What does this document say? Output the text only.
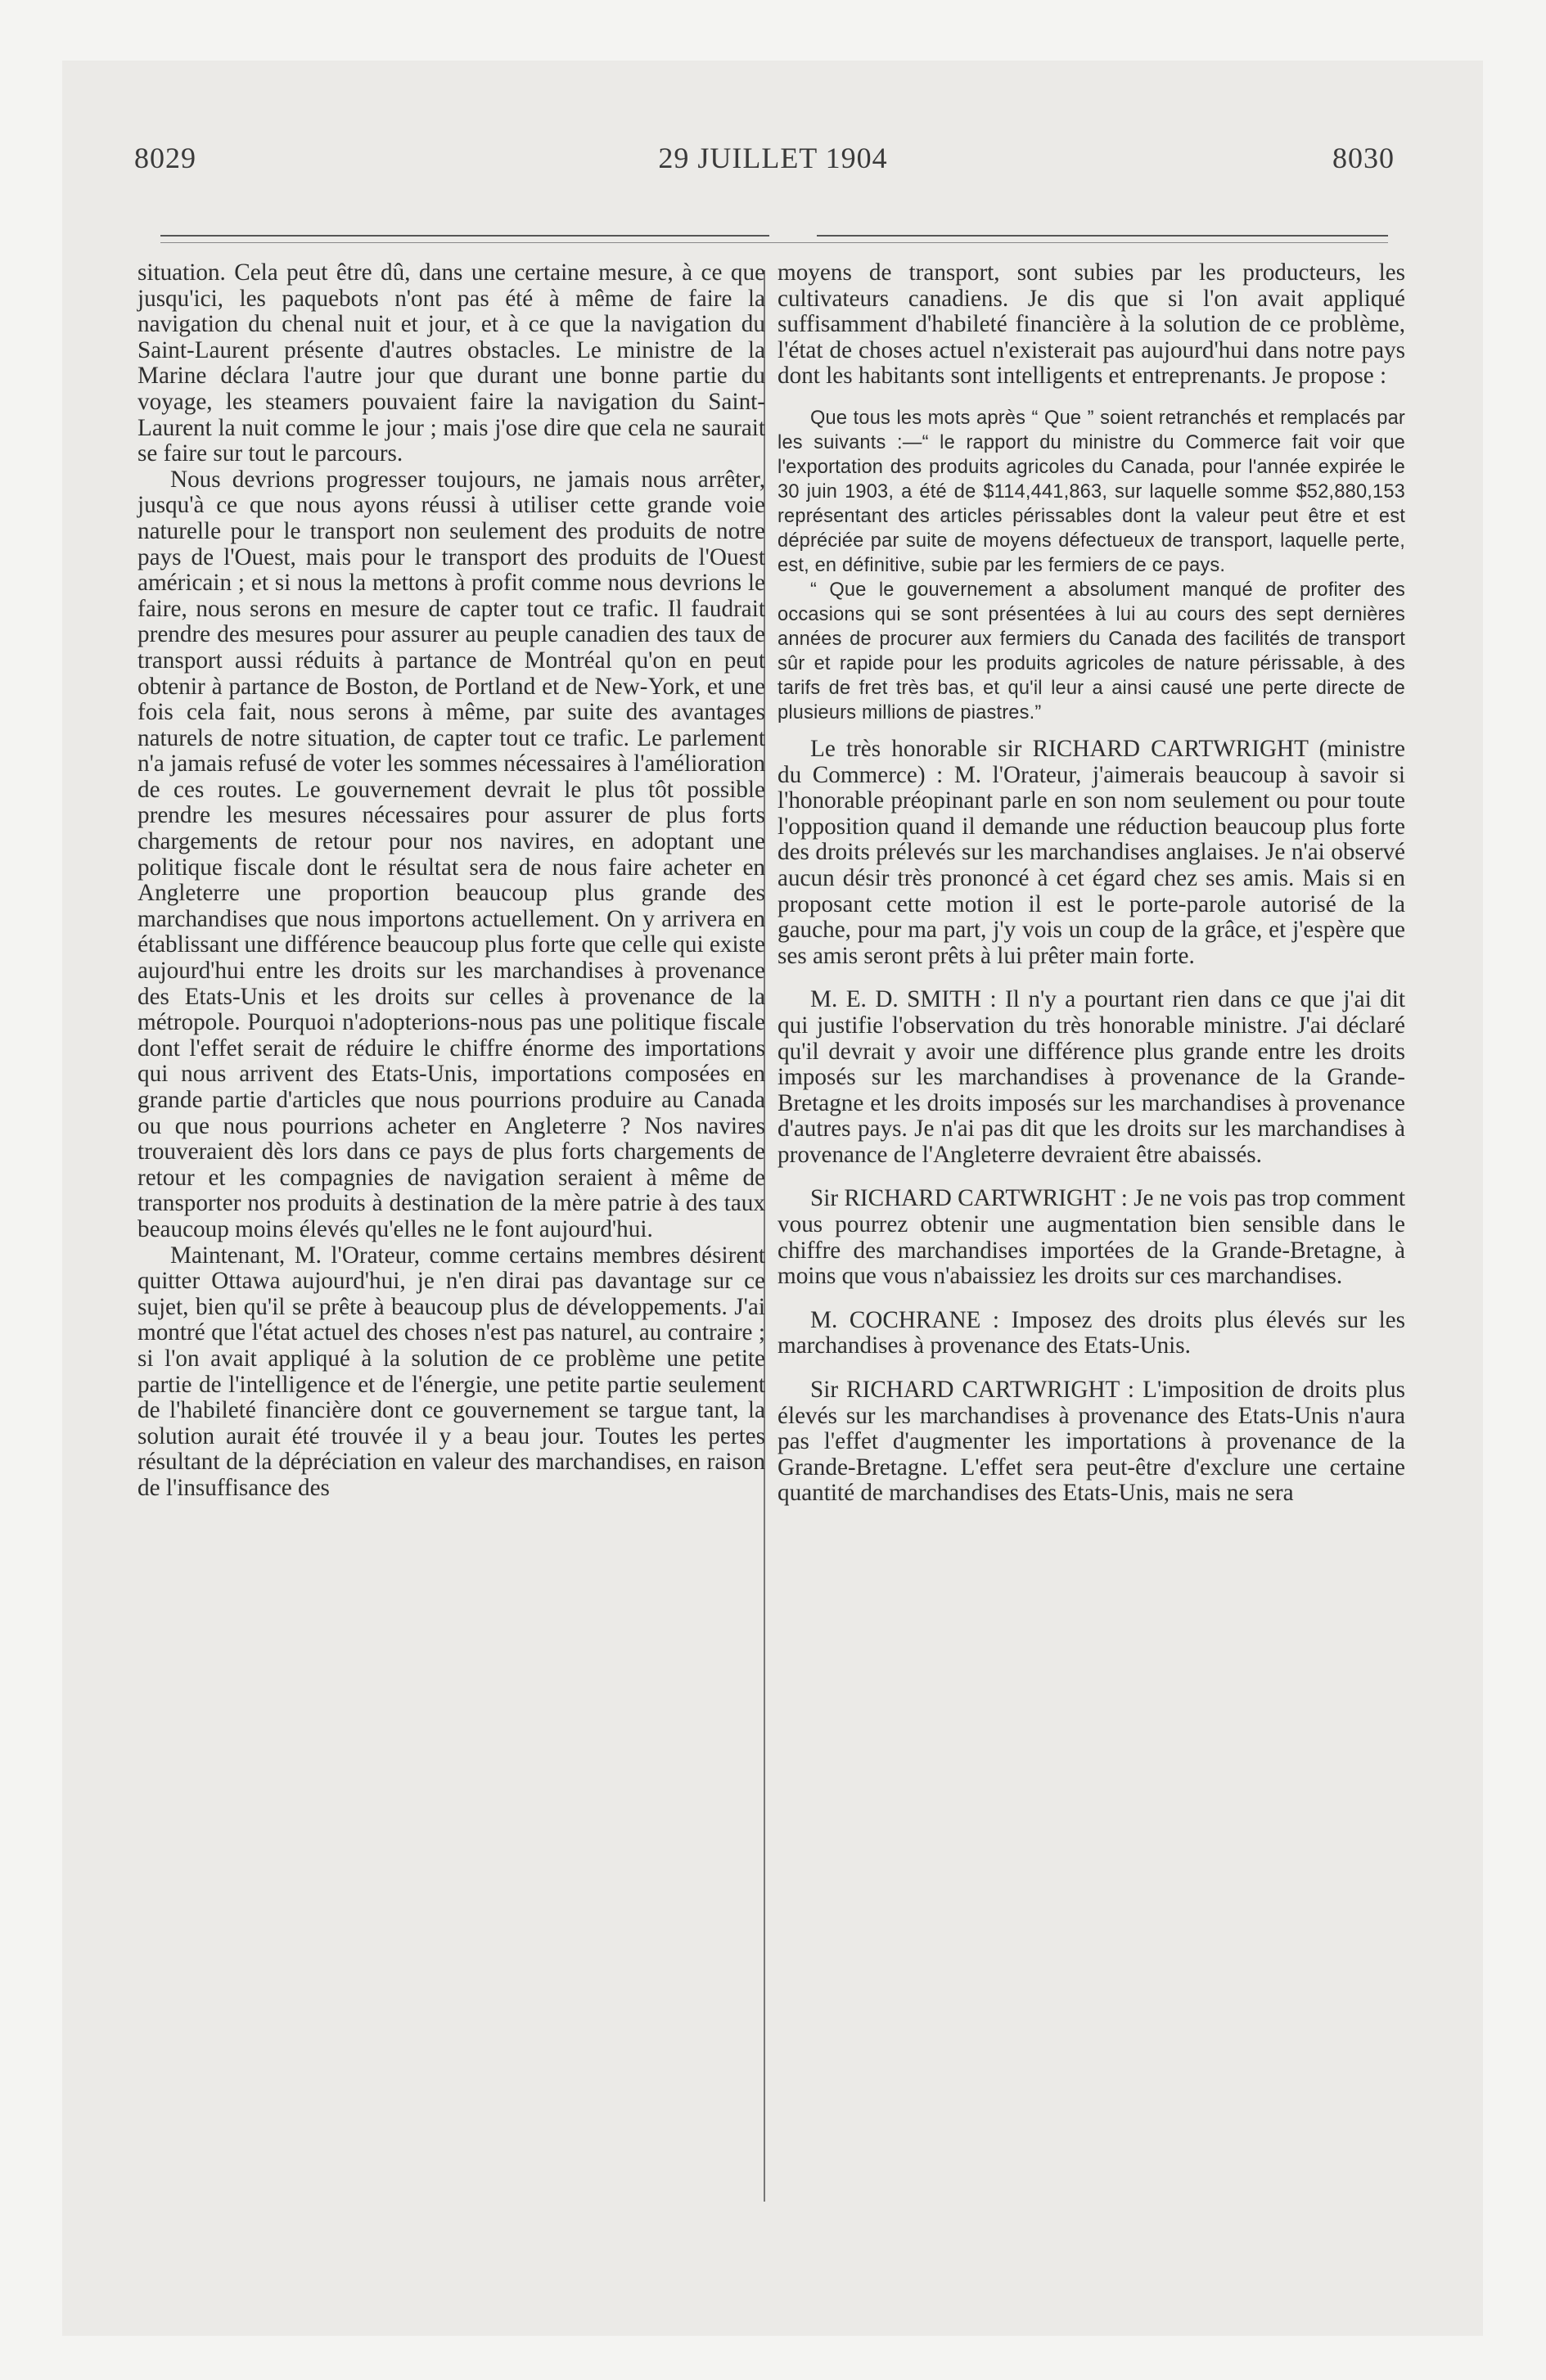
8029	29 JUILLET 1904	8030

situation. Cela peut être dû, dans une certaine mesure, à ce que jusqu'ici, les paquebots n'ont pas été à même de faire la navigation du chenal nuit et jour, et à ce que la navigation du Saint-Laurent présente d'autres obstacles. Le ministre de la Marine déclara l'autre jour que durant une bonne partie du voyage, les steamers pouvaient faire la navigation du Saint-Laurent la nuit comme le jour ; mais j'ose dire que cela ne saurait se faire sur tout le parcours.

Nous devrions progresser toujours, ne jamais nous arrêter, jusqu'à ce que nous ayons réussi à utiliser cette grande voie naturelle pour le transport non seulement des produits de notre pays de l'Ouest, mais pour le transport des produits de l'Ouest américain ; et si nous la mettons à profit comme nous devrions le faire, nous serons en mesure de capter tout ce trafic. Il faudrait prendre des mesures pour assurer au peuple canadien des taux de transport aussi réduits à partance de Montréal qu'on en peut obtenir à partance de Boston, de Portland et de New-York, et une fois cela fait, nous serons à même, par suite des avantages naturels de notre situation, de capter tout ce trafic. Le parlement n'a jamais refusé de voter les sommes nécessaires à l'amélioration de ces routes. Le gouvernement devrait le plus tôt possible prendre les mesures nécessaires pour assurer de plus forts chargements de retour pour nos navires, en adoptant une politique fiscale dont le résultat sera de nous faire acheter en Angleterre une proportion beaucoup plus grande des marchandises que nous importons actuellement. On y arrivera en établissant une différence beaucoup plus forte que celle qui existe aujourd'hui entre les droits sur les marchandises à provenance des Etats-Unis et les droits sur celles à provenance de la métropole. Pourquoi n'adopterions-nous pas une politique fiscale dont l'effet serait de réduire le chiffre énorme des importations qui nous arrivent des Etats-Unis, importations composées en grande partie d'articles que nous pourrions produire au Canada ou que nous pourrions acheter en Angleterre ? Nos navires trouveraient dès lors dans ce pays de plus forts chargements de retour et les compagnies de navigation seraient à même de transporter nos produits à destination de la mère patrie à des taux beaucoup moins élevés qu'elles ne le font aujourd'hui.

Maintenant, M. l'Orateur, comme certains membres désirent quitter Ottawa aujourd'hui, je n'en dirai pas davantage sur ce sujet, bien qu'il se prête à beaucoup plus de développements. J'ai montré que l'état actuel des choses n'est pas naturel, au contraire ; si l'on avait appliqué à la solution de ce problème une petite partie de l'intelligence et de l'énergie, une petite partie seulement de l'habileté financière dont ce gouvernement se targue tant, la solution aurait été trouvée il y a beau jour. Toutes les pertes résultant de la dépréciation en valeur des marchandises, en raison de l'insuffisance des

moyens de transport, sont subies par les producteurs, les cultivateurs canadiens. Je dis que si l'on avait appliqué suffisamment d'habileté financière à la solution de ce problème, l'état de choses actuel n'existerait pas aujourd'hui dans notre pays dont les habitants sont intelligents et entreprenants. Je propose :

Que tous les mots après “ Que ” soient retranchés et remplacés par les suivants :—“ le rapport du ministre du Commerce fait voir que l'exportation des produits agricoles du Canada, pour l'année expirée le 30 juin 1903, a été de $114,441,863, sur laquelle somme $52,880,153 représentant des articles périssables dont la valeur peut être et est dépréciée par suite de moyens défectueux de transport, laquelle perte, est, en définitive, subie par les fermiers de ce pays.

“ Que le gouvernement a absolument manqué de profiter des occasions qui se sont présentées à lui au cours des sept dernières années de procurer aux fermiers du Canada des facilités de transport sûr et rapide pour les produits agricoles de nature périssable, à des tarifs de fret très bas, et qu'il leur a ainsi causé une perte directe de plusieurs millions de piastres.”

Le très honorable sir RICHARD CARTWRIGHT (ministre du Commerce) : M. l'Orateur, j'aimerais beaucoup à savoir si l'honorable préopinant parle en son nom seulement ou pour toute l'opposition quand il demande une réduction beaucoup plus forte des droits prélevés sur les marchandises anglaises. Je n'ai observé aucun désir très prononcé à cet égard chez ses amis. Mais si en proposant cette motion il est le porte-parole autorisé de la gauche, pour ma part, j'y vois un coup de la grâce, et j'espère que ses amis seront prêts à lui prêter main forte.

M. E. D. SMITH : Il n'y a pourtant rien dans ce que j'ai dit qui justifie l'observation du très honorable ministre. J'ai déclaré qu'il devrait y avoir une différence plus grande entre les droits imposés sur les marchandises à provenance de la Grande-Bretagne et les droits imposés sur les marchandises à provenance d'autres pays. Je n'ai pas dit que les droits sur les marchandises à provenance de l'Angleterre devraient être abaissés.

Sir RICHARD CARTWRIGHT : Je ne vois pas trop comment vous pourrez obtenir une augmentation bien sensible dans le chiffre des marchandises importées de la Grande-Bretagne, à moins que vous n'abaissiez les droits sur ces marchandises.

M. COCHRANE : Imposez des droits plus élevés sur les marchandises à provenance des Etats-Unis.

Sir RICHARD CARTWRIGHT : L'imposition de droits plus élevés sur les marchandises à provenance des Etats-Unis n'aura pas l'effet d'augmenter les importations à provenance de la Grande-Bretagne. L'effet sera peut-être d'exclure une certaine quantité de marchandises des Etats-Unis, mais ne sera
